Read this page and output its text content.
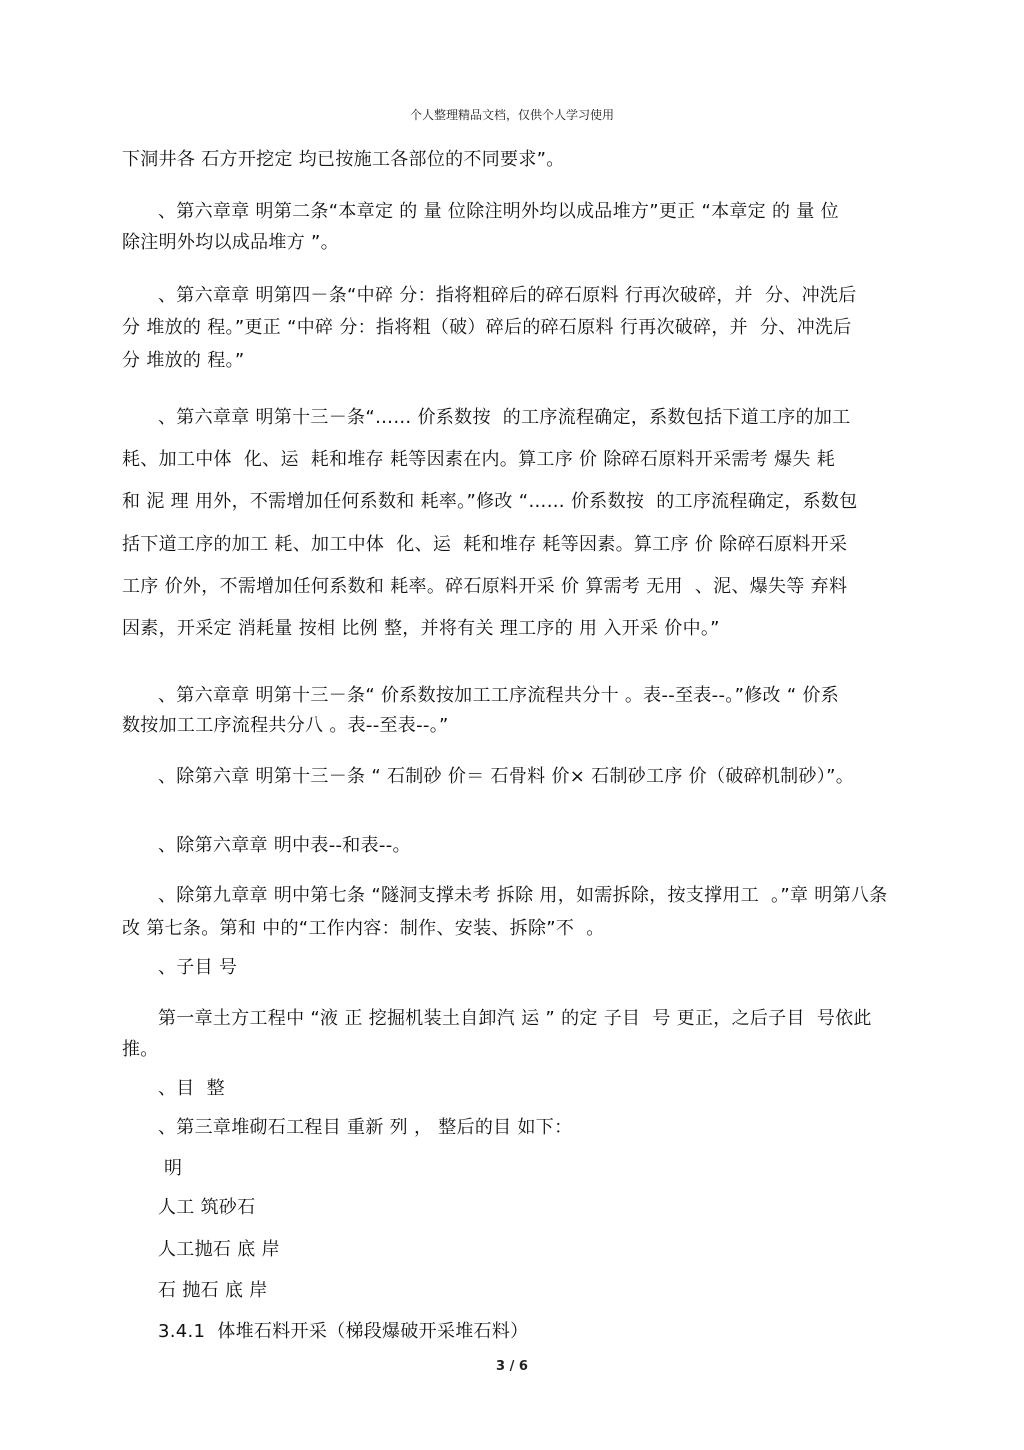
个人整理精品文档，仅供个人学习使用
下洞井各 石方开挖定 均已按施工各部位的不同要求”。
、第六章章 明第二条“本章定 的 量 位除注明外均以成品堆方”更正 “本章定 的 量 位
除注明外均以成品堆方 ”。
、第六章章 明第四－条“中碎 分：指将粗碎后的碎石原料 行再次破碎，并  分、冲洗后
分 堆放的 程。”更正 “中碎 分：指将粗（破）碎后的碎石原料 行再次破碎，并  分、冲洗后
分 堆放的 程。”
、第六章章 明第十三－条“…… 价系数按  的工序流程确定，系数包括下道工序的加工
耗、加工中体  化、运  耗和堆存 耗等因素在内。算工序 价 除碎石原料开采需考 爆失 耗
和 泥 理 用外，不需增加任何系数和 耗率。”修改 “…… 价系数按  的工序流程确定，系数包
括下道工序的加工 耗、加工中体  化、运  耗和堆存 耗等因素。算工序 价 除碎石原料开采
工序 价外，不需增加任何系数和 耗率。碎石原料开采 价 算需考 无用  、泥、爆失等 弃料
因素，开采定 消耗量 按相 比例 整，并将有关 理工序的 用 入开采 价中。”
、第六章章 明第十三－条“ 价系数按加工工序流程共分十 。表--至表--。”修改 “ 价系
数按加工工序流程共分八 。表--至表--。”
、除第六章 明第十三－条 “ 石制砂 价＝ 石骨料 价× 石制砂工序 价（破碎机制砂）”。
、除第六章章 明中表--和表--。
、除第九章章 明中第七条 “隧洞支撑未考 拆除 用，如需拆除，按支撑用工  。”章 明第八条
改 第七条。第和 中的“工作内容：制作、安装、拆除”不  。
、子目 号
第一章土方工程中 “液 正 挖掘机装土自卸汽 运 ” 的定 子目  号 更正，之后子目  号依此
推。
、目  整
、第三章堆砌石工程目 重新 列 ， 整后的目 如下：
明
人工 筑砂石
人工抛石 底 岸
石 抛石 底 岸
3.4.1  体堆石料开采（梯段爆破开采堆石料）
3 / 6
